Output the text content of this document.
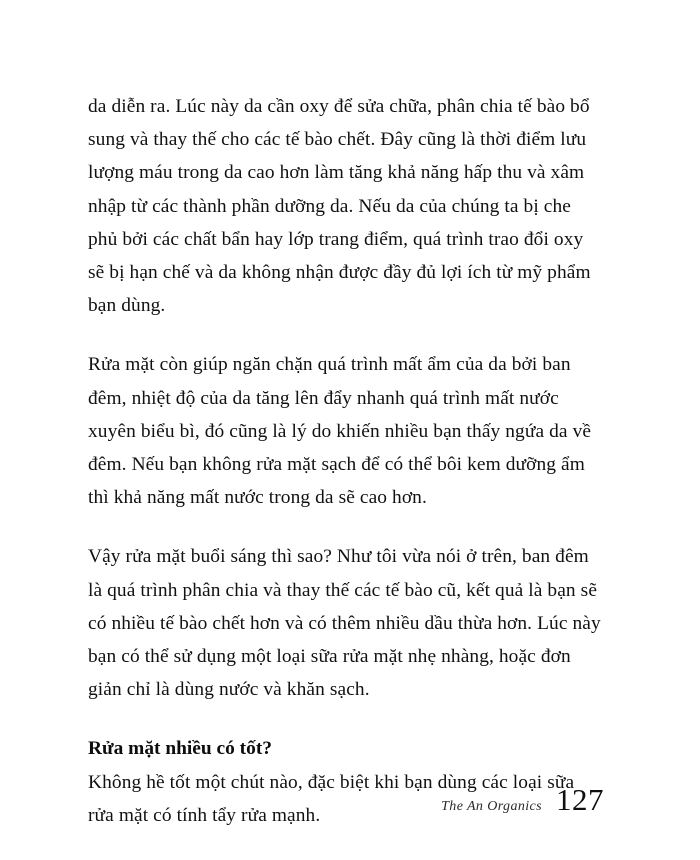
da diễn ra. Lúc này da cần oxy để sửa chữa, phân chia tế bào bổ sung và thay thế cho các tế bào chết. Đây cũng là thời điểm lưu lượng máu trong da cao hơn làm tăng khả năng hấp thu và xâm nhập từ các thành phần dưỡng da. Nếu da của chúng ta bị che phủ bởi các chất bẩn hay lớp trang điểm, quá trình trao đổi oxy sẽ bị hạn chế và da không nhận được đầy đủ lợi ích từ mỹ phẩm bạn dùng.

Rửa mặt còn giúp ngăn chặn quá trình mất ẩm của da bởi ban đêm, nhiệt độ của da tăng lên đẩy nhanh quá trình mất nước xuyên biểu bì, đó cũng là lý do khiến nhiều bạn thấy ngứa da về đêm. Nếu bạn không rửa mặt sạch để có thể bôi kem dưỡng ẩm thì khả năng mất nước trong da sẽ cao hơn.

Vậy rửa mặt buổi sáng thì sao? Như tôi vừa nói ở trên, ban đêm là quá trình phân chia và thay thế các tế bào cũ, kết quả là bạn sẽ có nhiều tế bào chết hơn và có thêm nhiều dầu thừa hơn. Lúc này bạn có thể sử dụng một loại sữa rửa mặt nhẹ nhàng, hoặc đơn giản chỉ là dùng nước và khăn sạch.

Rửa mặt nhiều có tốt?

Không hề tốt một chút nào, đặc biệt khi bạn dùng các loại sữa rửa mặt có tính tẩy rửa mạnh.	The An Organics 127
